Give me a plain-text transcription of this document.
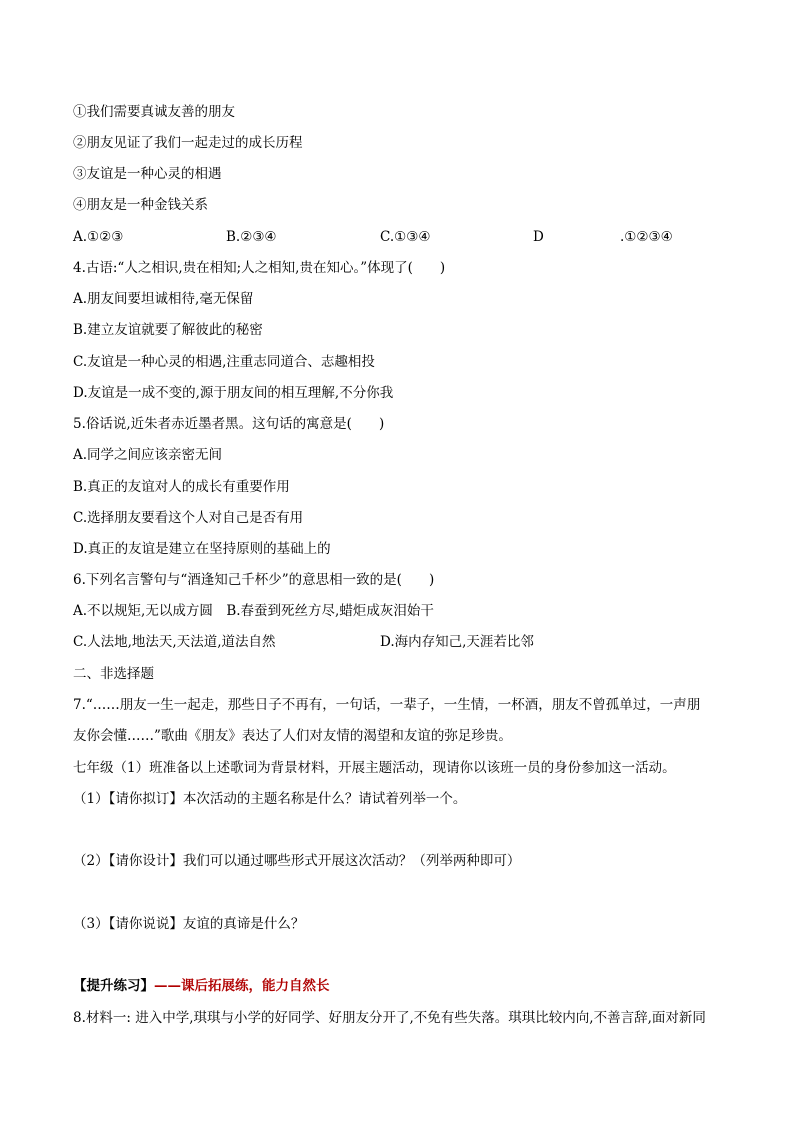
①我们需要真诚友善的朋友
②朋友见证了我们一起走过的成长历程
③友谊是一种心灵的相遇
④朋友是一种金钱关系
A.①②③	B.②③④	C.①③④	D	.①②③④
4.古语:“人之相识,贵在相知;人之相知,贵在知心。”体现了(　　)
A.朋友间要坦诚相待,毫无保留
B.建立友谊就要了解彼此的秘密
C.友谊是一种心灵的相遇,注重志同道合、志趣相投
D.友谊是一成不变的,源于朋友间的相互理解,不分你我
5.俗话说,近朱者赤近墨者黑。这句话的寓意是(　　)
A.同学之间应该亲密无间
B.真正的友谊对人的成长有重要作用
C.选择朋友要看这个人对自己是否有用
D.真正的友谊是建立在坚持原则的基础上的
6.下列名言警句与“酒逢知己千杯少”的意思相一致的是(　　)
A.不以规矩,无以成方圆　B.春蚕到死丝方尽,蜡炬成灰泪始干
C.人法地,地法天,天法道,道法自然	D.海内存知己,天涯若比邻
二、非选择题
7.“……朋友一生一起走，那些日子不再有，一句话，一辈子，一生情，一杯酒，朋友不曾孤单过，一声朋
友你会懂……”歌曲《朋友》表达了人们对友情的渴望和友谊的弥足珍贵。
七年级（1）班准备以上述歌词为背景材料，开展主题活动，现请你以该班一员的身份参加这一活动。
（1）【请你拟订】本次活动的主题名称是什么？请试着列举一个。
（2）【请你设计】我们可以通过哪些形式开展这次活动？（列举两种即可）
（3）【请你说说】友谊的真谛是什么？
【提升练习】——课后拓展练，能力自然长
8.材料一: 进入中学,琪琪与小学的好同学、好朋友分开了,不免有些失落。琪琪比较内向,不善言辞,面对新同
